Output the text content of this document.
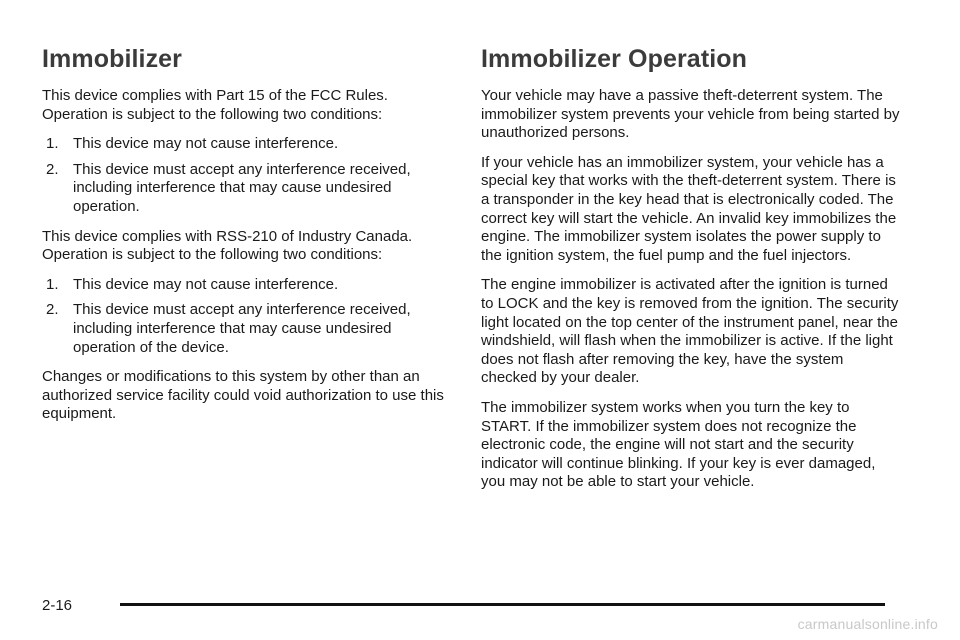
Immobilizer

This device complies with Part 15 of the FCC Rules. Operation is subject to the following two conditions:

1. This device may not cause interference.
2. This device must accept any interference received, including interference that may cause undesired operation.

This device complies with RSS-210 of Industry Canada. Operation is subject to the following two conditions:

1. This device may not cause interference.
2. This device must accept any interference received, including interference that may cause undesired operation of the device.

Changes or modifications to this system by other than an authorized service facility could void authorization to use this equipment.

Immobilizer Operation

Your vehicle may have a passive theft-deterrent system. The immobilizer system prevents your vehicle from being started by unauthorized persons.

If your vehicle has an immobilizer system, your vehicle has a special key that works with the theft-deterrent system. There is a transponder in the key head that is electronically coded. The correct key will start the vehicle. An invalid key immobilizes the engine. The immobilizer system isolates the power supply to the ignition system, the fuel pump and the fuel injectors.

The engine immobilizer is activated after the ignition is turned to LOCK and the key is removed from the ignition. The security light located on the top center of the instrument panel, near the windshield, will flash when the immobilizer is active. If the light does not flash after removing the key, have the system checked by your dealer.

The immobilizer system works when you turn the key to START. If the immobilizer system does not recognize the electronic code, the engine will not start and the security indicator will continue blinking. If your key is ever damaged, you may not be able to start your vehicle.

2-16
carmanualsonline.info
